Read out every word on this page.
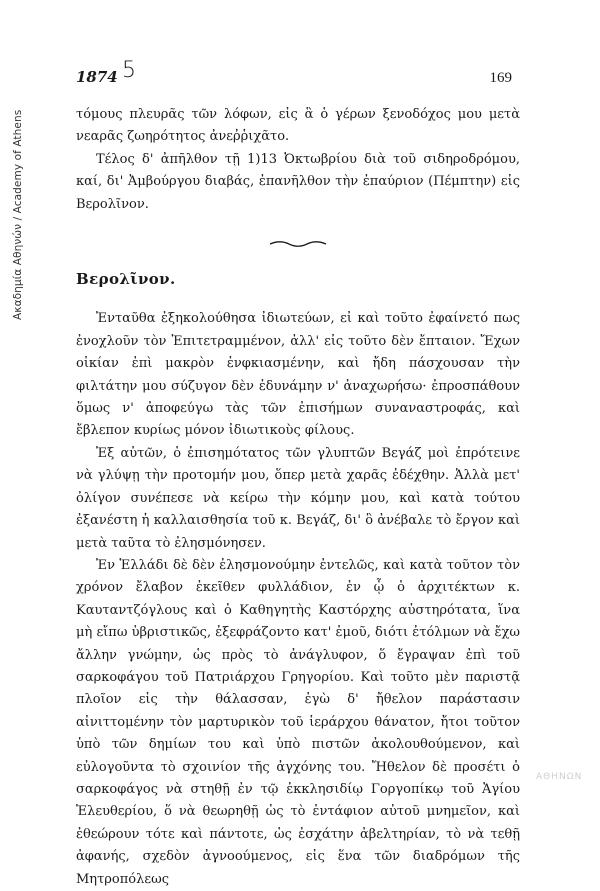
Ακαδημία Αθηνών / Academy of Athens
1874 5	169

τόμους πλευρᾶς τῶν λόφων, εἰς ἃ ὁ γέρων ξενοδόχος μου μετὰ νεαρᾶς ζωηρότητος ἀνεῤῥιχᾶτο.

Τέλος δ' ἀπῆλθον τῇ 1)13 Ὀκτωβρίου διὰ τοῦ σιδηροδρόμου, καί, δι' Ἀμβούργου διαβάς, ἐπανῆλθον τὴν ἐπαύριον (Πέμπτην) εἰς Βερολῖνον.

Βερολῖνον.

Ἐνταῦθα ἐξηκολούθησα ἰδιωτεύων, εἰ καὶ τοῦτο ἐφαίνετό πως ἐνοχλοῦν τὸν Ἐπιτετραμμένον, ἀλλ' εἰς τοῦτο δὲν ἔπταιον. Ἔχων οἰκίαν ἐπὶ μακρὸν ἐνφκιασμένην, καὶ ἤδη πάσχουσαν τὴν φιλτάτην μου σύζυγον δὲν ἐδυνάμην ν' ἀναχωρήσω· ἐπροσπάθουν ὅμως ν' ἀποφεύγω τὰς τῶν ἐπισήμων συναναστροφάς, καὶ ἔβλεπον κυρίως μόνον ἰδιωτικοὺς φίλους.

Ἐξ αὐτῶν, ὁ ἐπισημότατος τῶν γλυπτῶν Βεγάζ μοὶ ἐπρότεινε νὰ γλύψῃ τὴν προτομήν μου, ὅπερ μετὰ χαρᾶς ἐδέχθην. Ἀλλὰ μετ' ὀλίγον συνέπεσε νὰ κείρω τὴν κόμην μου, καὶ κατὰ τούτου ἐξανέστη ἡ καλλαισθησία τοῦ κ. Βεγάζ, δι' ὃ ἀνέβαλε τὸ ἔργον καὶ μετὰ ταῦτα τὸ ἐλησμόνησεν.

Ἐν Ἑλλάδι δὲ δὲν ἐλησμονούμην ἐντελῶς, καὶ κατὰ τοῦτον τὸν χρόνον ἔλαβον ἐκεῖθεν φυλλάδιον, ἐν ᾧ ὁ ἀρχιτέκτων κ. Καυταντζόγλους καὶ ὁ Καθηγητὴς Καστόρχης αὐστηρότατα, ἵνα μὴ εἴπω ὑβριστικῶς, ἐξεφράζοντο κατ' ἐμοῦ, διότι ἐτόλμων νὰ ἔχω ἄλλην γνώμην, ὡς πρὸς τὸ ἀνάγλυφον, ὅ ἔγραψαν ἐπὶ τοῦ σαρκοφάγου τοῦ Πατριάρχου Γρηγορίου. Καὶ τοῦτο μὲν παριστᾷ πλοῖον εἰς τὴν θάλασσαν, ἐγὼ δ' ἤθελον παράστασιν αἰνιττομένην τὸν μαρτυρικὸν τοῦ ἱεράρχου θάνατον, ἤτοι τοῦτον ὑπὸ τῶν δημίων του καὶ ὑπὸ πιστῶν ἀκολουθούμενον, καὶ εὐλογοῦντα τὸ σχοινίον τῆς ἀγχόνης του. Ἤθελον δὲ προσέτι ὁ σαρκοφάγος νὰ στηθῇ ἐν τῷ ἐκκλησιδίῳ Γοργοπίκῳ τοῦ Ἁγίου Ἐλευθερίου, ὅ νὰ θεωρηθῇ ὡς τὸ ἐντάφιον αὐτοῦ μνημεῖον, καὶ ἐθεώρουν τότε καὶ πάντοτε, ὡς ἐσχάτην ἀβελτηρίαν, τὸ νὰ τεθῇ ἀφανής, σχεδὸν ἀγνοούμενος, εἰς ἕνα τῶν διαδρόμων τῆς Μητροπόλεως

ΑΘΗΝΩΝ
